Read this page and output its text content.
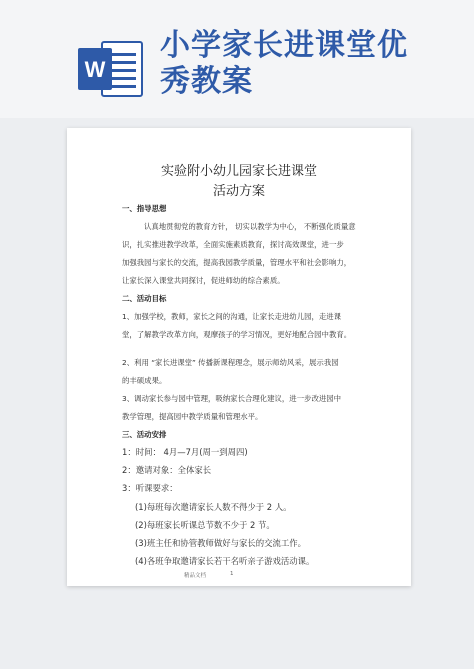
W
小学家长进课堂优
秀教案
实验附小幼儿园家长进课堂
活动方案
一、指导思想
认真地贯彻党的教育方针， 切实以教学为中心， 不断强化质量意
识，扎实推进教学改革，全面实施素质教育，探讨高效课堂，进一步
加强我园与家长的交流，提高我园教学质量，管理水平和社会影响力，
让家长深入课堂共同探讨，促进师幼的综合素质。
二、活动目标
1、加强学校，教师，家长之间的沟通，让家长走进幼儿园，走进课
堂，了解教学改革方向，观摩孩子的学习情况，更好地配合园中教育。
2、利用 “家长进课堂” 传播新课程理念，展示师幼风采，展示我园
的丰硕成果。
3、调动家长参与园中管理，吸纳家长合理化建议，进一步改进园中
教学管理，提高园中教学质量和管理水平。
三、活动安排
1：时间： 4月—7月(周一到周四)
2：邀请对象：全体家长
3：听课要求：
(1)每班每次邀请家长人数不得少于 2 人。
(2)每班家长听课总节数不少于 2 节。
(3)班主任和协管教师做好与家长的交流工作。
(4)各班争取邀请家长若干名听亲子游戏活动课。
精品文档	1
